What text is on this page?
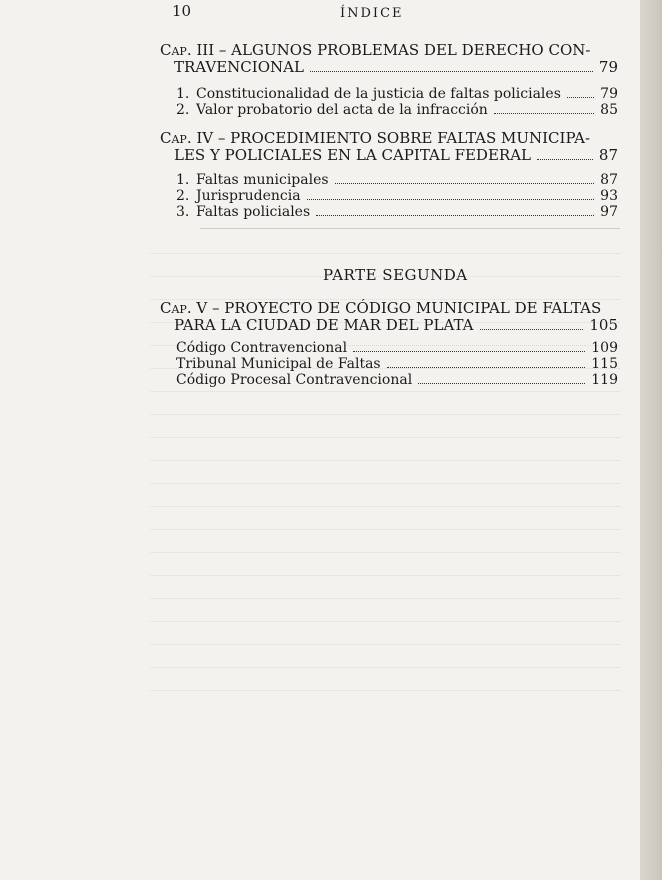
10	ÍNDICE
Cap. III – ALGUNOS PROBLEMAS DEL DERECHO CON-
TRAVENCIONAL	79
1. Constitucionalidad de la justicia de faltas policiales	79
2. Valor probatorio del acta de la infracción	85
Cap. IV – PROCEDIMIENTO SOBRE FALTAS MUNICIPA-
LES Y POLICIALES EN LA CAPITAL FEDERAL	87
1. Faltas municipales	87
2. Jurisprudencia	93
3. Faltas policiales	97
PARTE SEGUNDA
Cap. V – PROYECTO DE CÓDIGO MUNICIPAL DE FALTAS
PARA LA CIUDAD DE MAR DEL PLATA	105
Código Contravencional	109
Tribunal Municipal de Faltas	115
Código Procesal Contravencional	119
